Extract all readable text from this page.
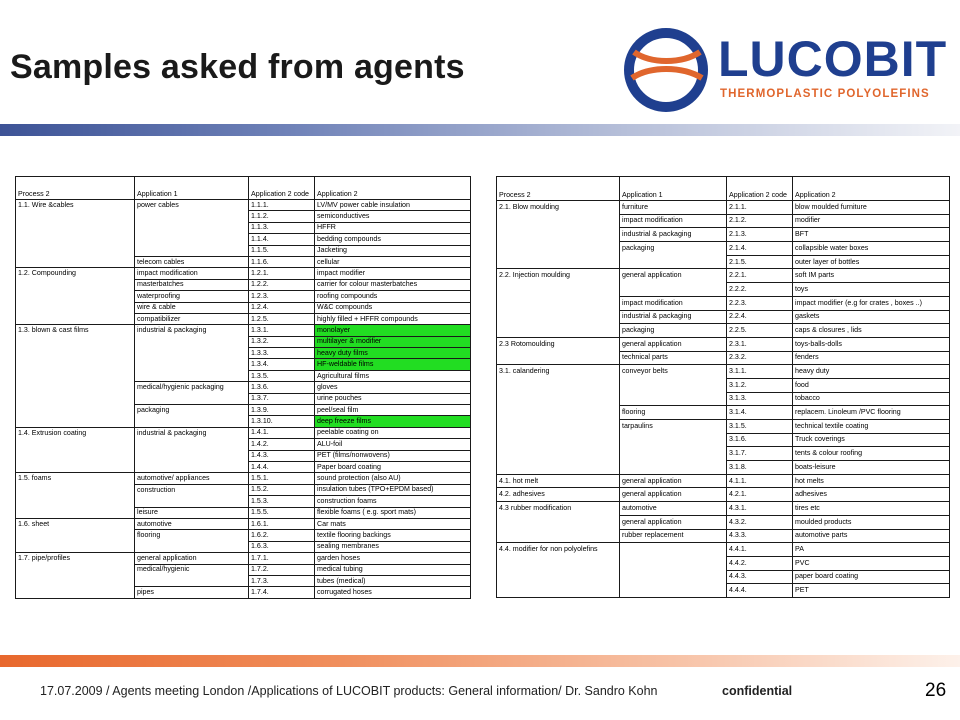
Samples asked from agents	LUCOBIT
THERMOPLASTIC POLYOLEFINS
Process 2	Application 1	Application 2 code	Application 2
1.1. Wire &cables	power cables	1.1.1.	LV/MV power cable insulation
		1.1.2.	semiconductives
		1.1.3.	HFFR
		1.1.4.	bedding compounds
		1.1.5.	Jacketing
	telecom cables	1.1.6.	cellular
1.2. Compounding	impact modification	1.2.1.	impact modifier
	masterbatches	1.2.2.	carrier for colour masterbatches
	waterproofing	1.2.3.	roofing compounds
	wire & cable	1.2.4.	W&C compounds
	compatibilizer	1.2.5.	highly filled + HFFR compounds
1.3. blown & cast films	industrial & packaging	1.3.1.	monolayer
		1.3.2.	multilayer & modifier
		1.3.3.	heavy duty films
		1.3.4.	HF-weldable films
		1.3.5.	Agricultural films
	medical/hygienic packaging	1.3.6.	gloves
		1.3.7.	urine pouches
	packaging	1.3.9.	peel/seal film
		1.3.10.	deep freeze films
1.4. Extrusion coating	industrial & packaging	1.4.1.	peelable coating on
		1.4.2.	ALU-foil
		1.4.3.	PET (films/nonwovens)
		1.4.4.	Paper board coating
1.5. foams	automotive/ appliances	1.5.1.	sound protection (also AU)
	construction	1.5.2.	insulation tubes (TPO+EPDM based)
		1.5.3.	construction foams
	leisure	1.5.5.	flexible foams ( e.g. sport mats)
1.6. sheet	automotive	1.6.1.	Car mats
	flooring	1.6.2.	textile flooring backings
		1.6.3.	sealing membranes
1.7. pipe/profiles	general application	1.7.1.	garden hoses
	medical/hygienic	1.7.2.	medical tubing
		1.7.3.	tubes (medical)
	pipes	1.7.4.	corrugated hoses
Process 2	Application 1	Application 2 code	Application 2
2.1. Blow moulding	furniture	2.1.1.	blow moulded furniture
	impact modification	2.1.2.	modifier
	industrial & packaging	2.1.3.	BFT
	packaging	2.1.4.	collapsible water boxes
		2.1.5.	outer layer of bottles
2.2. Injection moulding	general application	2.2.1.	soft IM parts
		2.2.2.	toys
	impact modification	2.2.3.	impact modifier (e.g for crates , boxes ..)
	industrial & packaging	2.2.4.	gaskets
	packaging	2.2.5.	caps & closures , lids
2.3 Rotomoulding	general application	2.3.1.	toys-balls-dolls
	technical parts	2.3.2.	fenders
3.1. calandering	conveyor belts	3.1.1.	heavy duty
		3.1.2.	food
		3.1.3.	tobacco
	flooring	3.1.4.	replacem. Linoleum /PVC flooring
	tarpaulins	3.1.5.	technical textile coating
		3.1.6.	Truck coverings
		3.1.7.	tents & colour roofing
		3.1.8.	boats-leisure
4.1. hot melt	general application	4.1.1.	hot melts
4.2. adhesives	general application	4.2.1.	adhesives
4.3 rubber modification	automotive	4.3.1.	tires etc
	general application	4.3.2.	moulded products
	rubber replacement	4.3.3.	automotive parts
4.4. modifier for non polyolefins		4.4.1.	PA
		4.4.2.	PVC
		4.4.3.	paper board coating
		4.4.4.	PET
17.07.2009 / Agents meeting London /Applications of LUCOBIT products: General information/ Dr. Sandro Kohn	confidential	26
